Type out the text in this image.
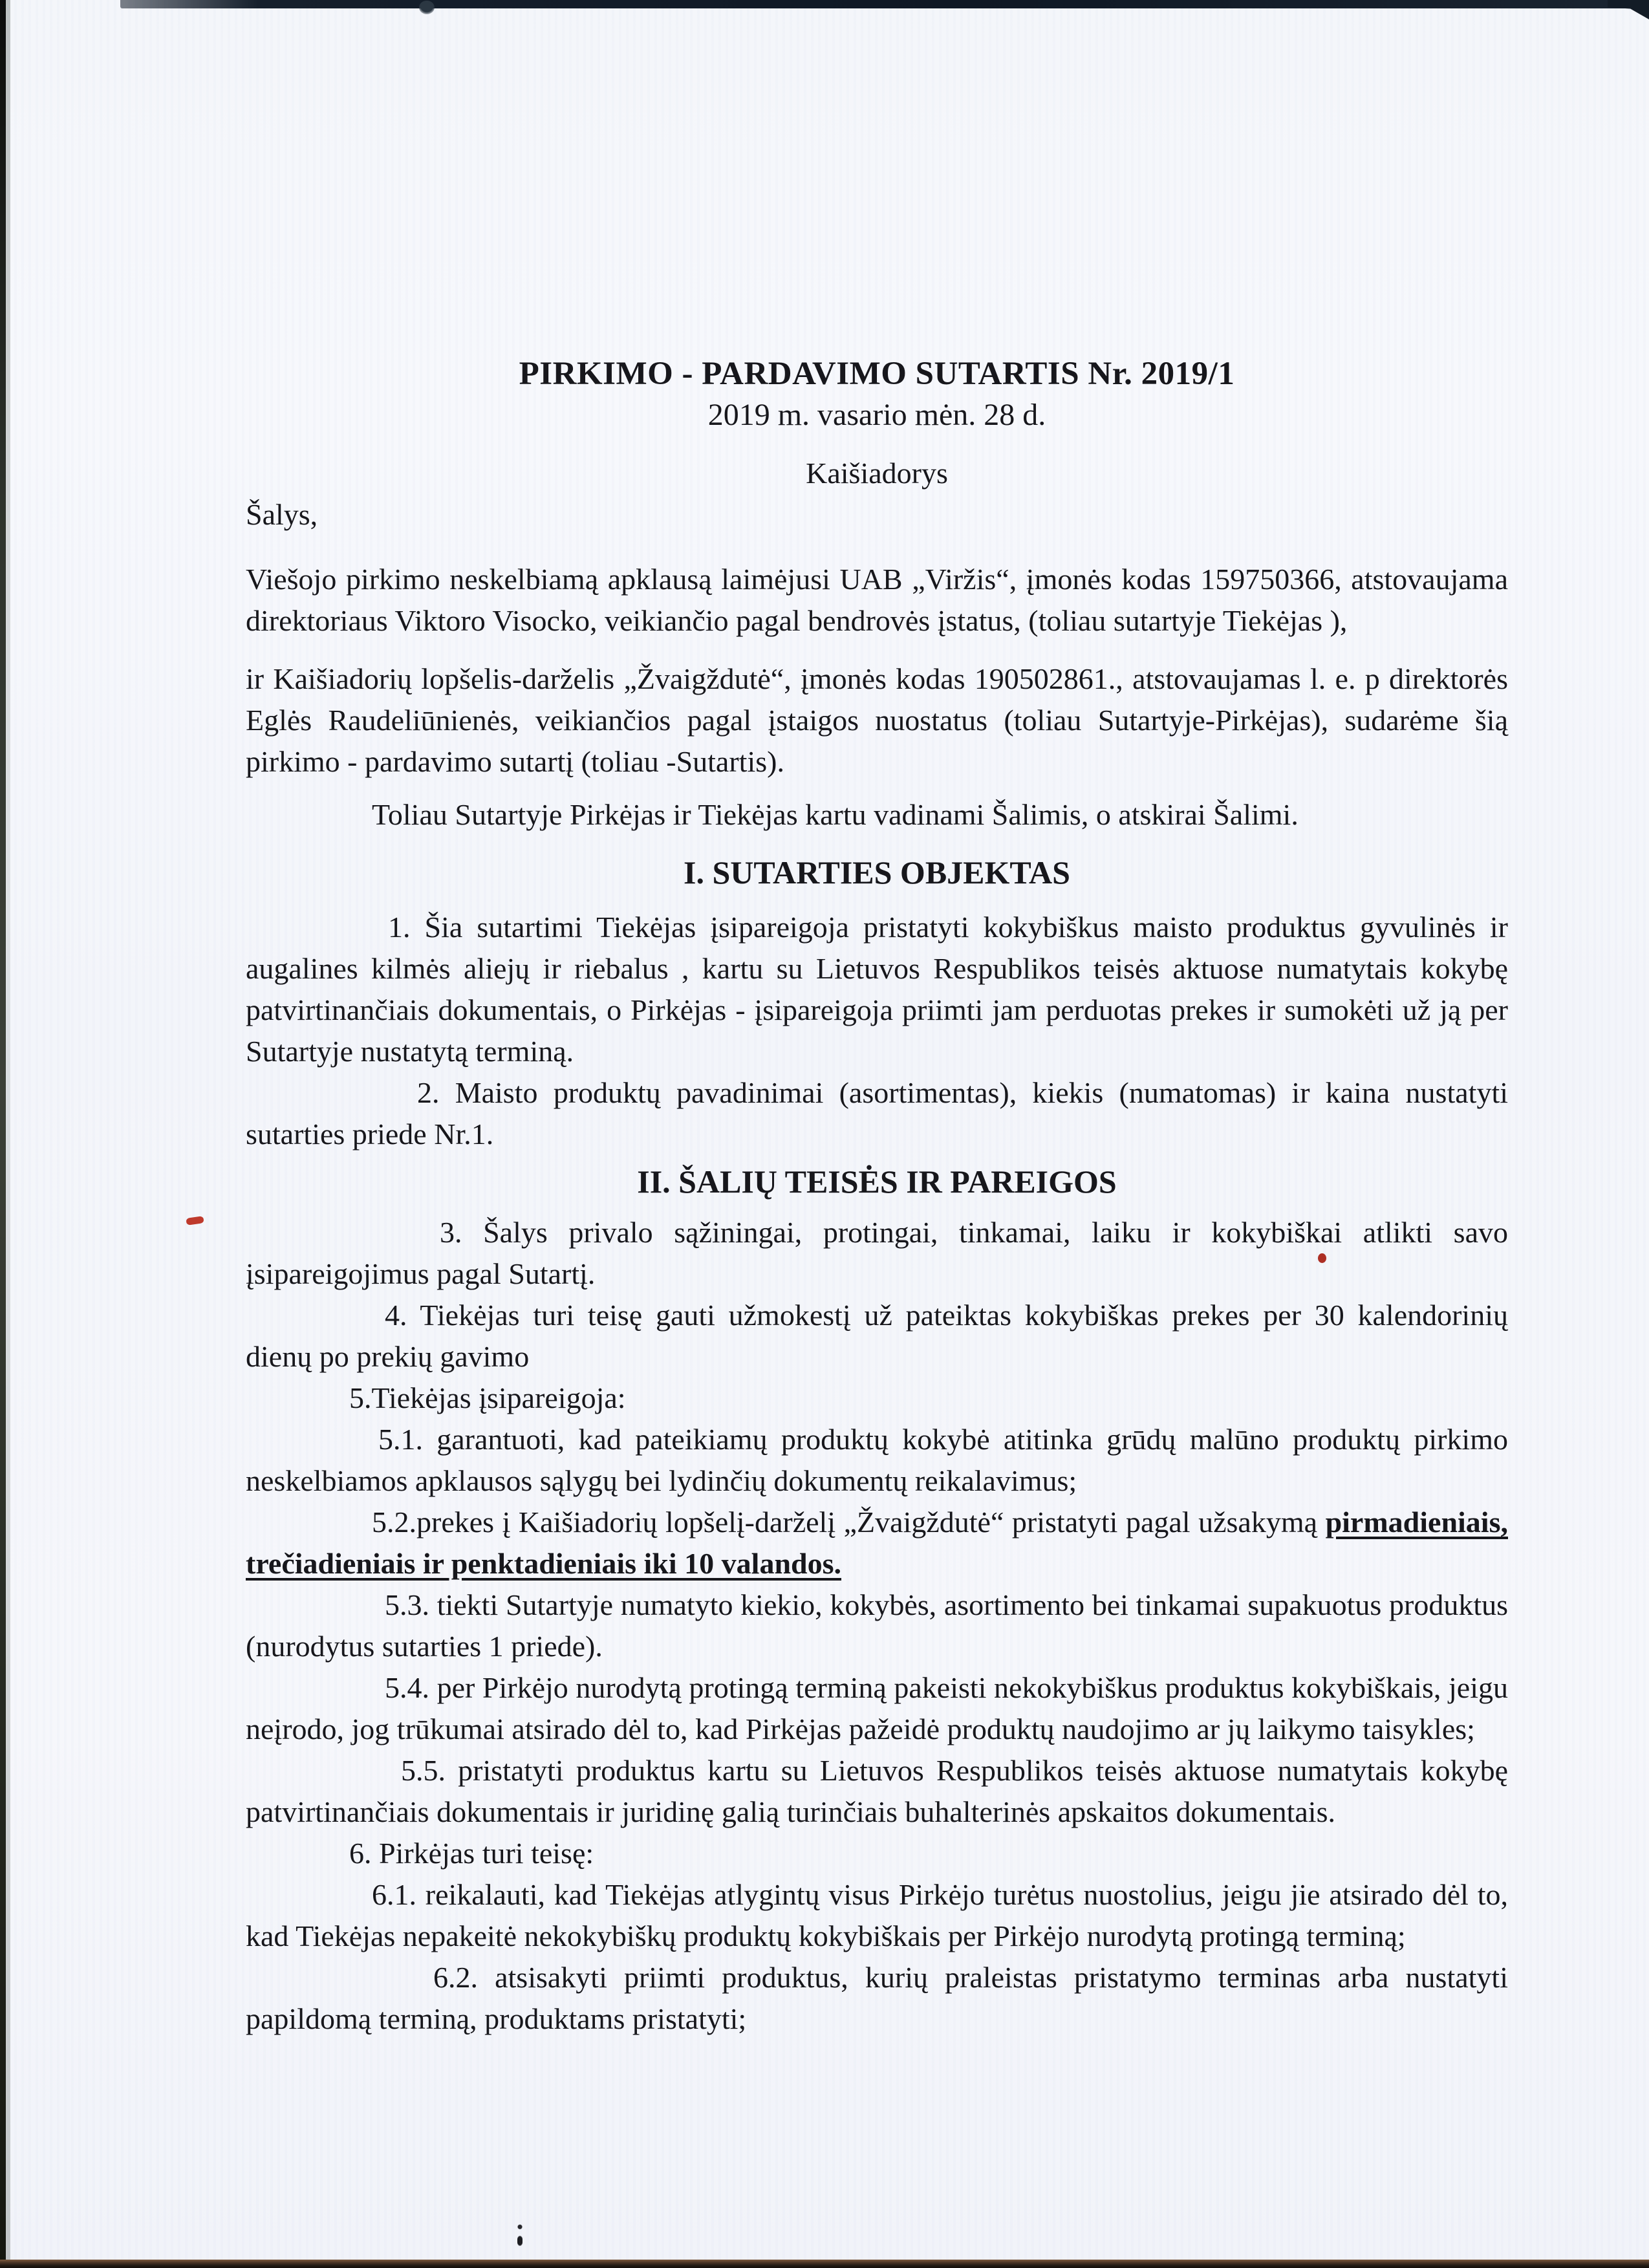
PIRKIMO - PARDAVIMO SUTARTIS Nr. 2019/1

2019 m. vasario mėn. 28 d.

Kaišiadorys

Šalys,

Viešojo pirkimo neskelbiamą apklausą laimėjusi UAB „Viržis“, įmonės kodas 159750366, atstovaujama direktoriaus Viktoro Visocko, veikiančio pagal bendrovės įstatus, (toliau sutartyje Tiekėjas ),

ir Kaišiadorių lopšelis-darželis „Žvaigždutė“, įmonės kodas 190502861., atstovaujamas l. e. p direktorės Eglės Raudeliūnienės, veikiančios pagal įstaigos nuostatus (toliau Sutartyje-Pirkėjas), sudarėme šią pirkimo - pardavimo sutartį (toliau -Sutartis).

Toliau Sutartyje Pirkėjas ir Tiekėjas kartu vadinami Šalimis, o atskirai Šalimi.

I. SUTARTIES OBJEKTAS

1. Šia sutartimi Tiekėjas įsipareigoja pristatyti kokybiškus maisto produktus gyvulinės ir augalines kilmės aliejų ir riebalus , kartu su Lietuvos Respublikos teisės aktuose numatytais kokybę patvirtinančiais dokumentais, o Pirkėjas - įsipareigoja priimti jam perduotas prekes ir sumokėti už ją per Sutartyje nustatytą terminą.

2. Maisto produktų pavadinimai (asortimentas), kiekis (numatomas) ir kaina nustatyti sutarties priede Nr.1.

II. ŠALIŲ TEISĖS IR PAREIGOS

3. Šalys privalo sąžiningai, protingai, tinkamai, laiku ir kokybiškai atlikti savo įsipareigojimus pagal Sutartį.

4. Tiekėjas turi teisę gauti užmokestį už pateiktas kokybiškas prekes per 30 kalendorinių dienų po prekių gavimo

5.Tiekėjas įsipareigoja:

5.1. garantuoti, kad pateikiamų produktų kokybė atitinka grūdų malūno produktų pirkimo neskelbiamos apklausos sąlygų bei lydinčių dokumentų reikalavimus;

5.2.prekes į Kaišiadorių lopšelį-darželį „Žvaigždutė“ pristatyti pagal užsakymą pirmadieniais, trečiadieniais ir penktadieniais iki 10 valandos.

5.3. tiekti Sutartyje numatyto kiekio, kokybės, asortimento bei tinkamai supakuotus produktus (nurodytus sutarties 1 priede).

5.4. per Pirkėjo nurodytą protingą terminą pakeisti nekokybiškus produktus kokybiškais, jeigu neįrodo, jog trūkumai atsirado dėl to, kad Pirkėjas pažeidė produktų naudojimo ar jų laikymo taisykles;

5.5. pristatyti produktus kartu su Lietuvos Respublikos teisės aktuose numatytais kokybę patvirtinančiais dokumentais ir juridinę galią turinčiais buhalterinės apskaitos dokumentais.

6. Pirkėjas turi teisę:

6.1. reikalauti, kad Tiekėjas atlygintų visus Pirkėjo turėtus nuostolius, jeigu jie atsirado dėl to, kad Tiekėjas nepakeitė nekokybiškų produktų kokybiškais per Pirkėjo nurodytą protingą terminą;

6.2. atsisakyti priimti produktus, kurių praleistas pristatymo terminas arba nustatyti papildomą terminą, produktams pristatyti;
